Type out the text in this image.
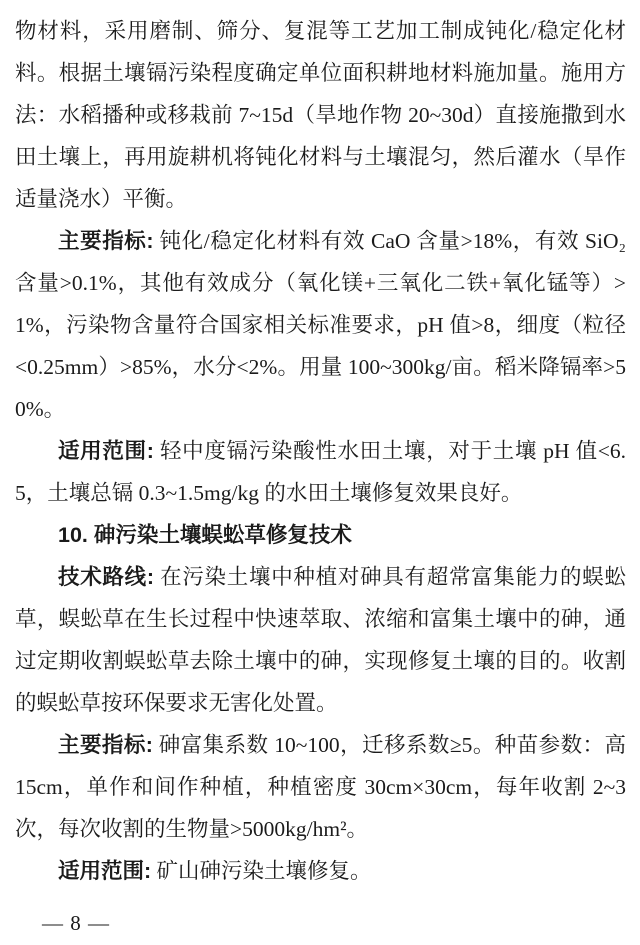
物材料，采用磨制、筛分、复混等工艺加工制成钝化/稳定化材料。根据土壤镉污染程度确定单位面积耕地材料施加量。施用方法：水稻播种或移栽前 7~15d（旱地作物 20~30d）直接施撒到水田土壤上，再用旋耕机将钝化材料与土壤混匀，然后灌水（旱作适量浇水）平衡。

主要指标: 钝化/稳定化材料有效 CaO 含量>18%，有效 SiO₂含量>0.1%，其他有效成分（氧化镁+三氧化二铁+氧化锰等）>1%，污染物含量符合国家相关标准要求，pH 值>8，细度（粒径<0.25mm）>85%，水分<2%。用量 100~300kg/亩。稻米降镉率>50%。

适用范围: 轻中度镉污染酸性水田土壤，对于土壤 pH 值<6.5，土壤总镉 0.3~1.5mg/kg 的水田土壤修复效果良好。

10. 砷污染土壤蜈蚣草修复技术

技术路线: 在污染土壤中种植对砷具有超常富集能力的蜈蚣草，蜈蚣草在生长过程中快速萃取、浓缩和富集土壤中的砷，通过定期收割蜈蚣草去除土壤中的砷，实现修复土壤的目的。收割的蜈蚣草按环保要求无害化处置。

主要指标: 砷富集系数 10~100，迁移系数≥5。种苗参数：高 15cm，单作和间作种植，种植密度 30cm×30cm，每年收割 2~3 次，每次收割的生物量>5000kg/hm²。

适用范围: 矿山砷污染土壤修复。

— 8 —
